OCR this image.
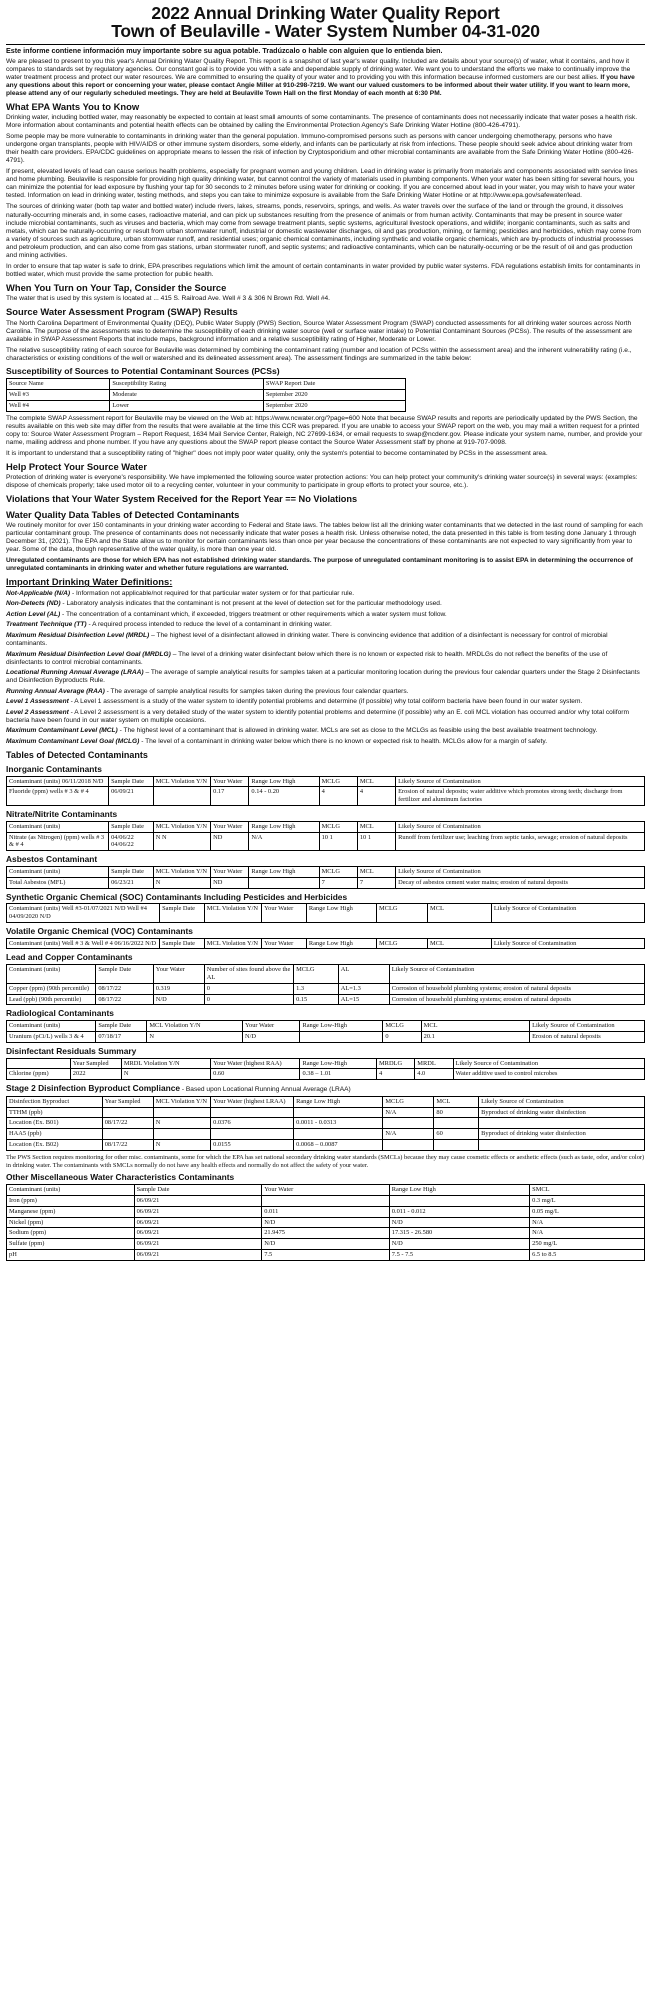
2022 Annual Drinking Water Quality Report
Town of Beulaville - Water System Number 04-31-020
Este informe contiene información muy importante sobre su agua potable. Tradúzcalo o hable con alguien que lo entienda bien.

We are pleased to present to you this year's Annual Drinking Water Quality Report. This report is a snapshot of last year's water quality. Included are details about your source(s) of water, what it contains, and how it compares to standards set by regulatory agencies. Our constant goal is to provide you with a safe and dependable supply of drinking water. We want you to understand the efforts we make to continually improve the water treatment process and protect our water resources. We are committed to ensuring the quality of your water and to providing you with this information because informed customers are our best allies. If you have any questions about this report or concerning your water, please contact Angie Miller at 910-298-7219. We want our valued customers to be informed about their water utility. If you want to learn more, please attend any of our regularly scheduled meetings. They are held at Beulaville Town Hall on the first Monday of each month at 6:30 PM.

What EPA Wants You to Know

Drinking water, including bottled water, may reasonably be expected to contain at least small amounts of some contaminants. The presence of contaminants does not necessarily indicate that water poses a health risk. More information about contaminants and potential health effects can be obtained by calling the Environmental Protection Agency's Safe Drinking Water Hotline (800-426-4791).

Some people may be more vulnerable to contaminants in drinking water than the general population. Immuno-compromised persons such as persons with cancer undergoing chemotherapy, persons who have undergone organ transplants, people with HIV/AIDS or other immune system disorders, some elderly, and infants can be particularly at risk from infections. These people should seek advice about drinking water from their health care providers. EPA/CDC guidelines on appropriate means to lessen the risk of infection by Cryptosporidium and other microbial contaminants are available from the Safe Drinking Water Hotline (800-426-4791).

If present, elevated levels of lead can cause serious health problems, especially for pregnant women and young children. Lead in drinking water is primarily from materials and components associated with service lines and home plumbing. Beulaville is responsible for providing high quality drinking water, but cannot control the variety of materials used in plumbing components. When your water has been sitting for several hours, you can minimize the potential for lead exposure by flushing your tap for 30 seconds to 2 minutes before using water for drinking or cooking. If you are concerned about lead in your water, you may wish to have your water tested. Information on lead in drinking water, testing methods, and steps you can take to minimize exposure is available from the Safe Drinking Water Hotline or at http://www.epa.gov/safewater/lead.

The sources of drinking water (both tap water and bottled water) include rivers, lakes, streams, ponds, reservoirs, springs, and wells. As water travels over the surface of the land or through the ground, it dissolves naturally-occurring minerals and, in some cases, radioactive material, and can pick up substances resulting from the presence of animals or from human activity. Contaminants that may be present in source water include microbial contaminants, such as viruses and bacteria, which may come from sewage treatment plants, septic systems, agricultural livestock operations, and wildlife; inorganic contaminants, such as salts and metals, which can be naturally-occurring or result from urban stormwater runoff, industrial or domestic wastewater discharges, oil and gas production, mining, or farming; pesticides and herbicides, which may come from a variety of sources such as agriculture, urban stormwater runoff, and residential uses; organic chemical contaminants, including synthetic and volatile organic chemicals, which are by-products of industrial processes and petroleum production, and can also come from gas stations, urban stormwater runoff, and septic systems; and radioactive contaminants, which can be naturally-occurring or be the result of oil and gas production and mining activities.

In order to ensure that tap water is safe to drink, EPA prescribes regulations which limit the amount of certain contaminants in water provided by public water systems. FDA regulations establish limits for contaminants in bottled water, which must provide the same protection for public health.

When You Turn on Your Tap, Consider the Source

The water that is used by this system is located at ... 415 S. Railroad Ave. Well # 3 & 306 N Brown Rd. Well #4.

Source Water Assessment Program (SWAP) Results

The North Carolina Department of Environmental Quality (DEQ), Public Water Supply (PWS) Section, Source Water Assessment Program (SWAP) conducted assessments for all drinking water sources across North Carolina. The purpose of the assessments was to determine the susceptibility of each drinking water source (well or surface water intake) to Potential Contaminant Sources (PCSs). The results of the assessment are available in SWAP Assessment Reports that include maps, background information and a relative susceptibility rating of Higher, Moderate or Lower.

The relative susceptibility rating of each source for Beulaville was determined by combining the contaminant rating (number and location of PCSs within the assessment area) and the inherent vulnerability rating (i.e., characteristics or existing conditions of the well or watershed and its delineated assessment area). The assessment findings are summarized in the table below:

Susceptibility of Sources to Potential Contaminant Sources (PCSs)
Source Name	Susceptibility Rating	SWAP Report Date
Well #3	Moderate	September 2020
Well #4	Lower	September 2020

The complete SWAP Assessment report for Beulaville may be viewed on the Web at: https://www.ncwater.org/?page=600 Note that because SWAP results and reports are periodically updated by the PWS Section, the results available on this web site may differ from the results that were available at the time this CCR was prepared. If you are unable to access your SWAP report on the web, you may mail a written request for a printed copy to: Source Water Assessment Program – Report Request, 1634 Mail Service Center, Raleigh, NC 27699-1634, or email requests to swap@ncdenr.gov. Please indicate your system name, number, and provide your name, mailing address and phone number. If you have any questions about the SWAP report please contact the Source Water Assessment staff by phone at 919-707-9098.

It is important to understand that a susceptibility rating of "higher" does not imply poor water quality, only the system's potential to become contaminated by PCSs in the assessment area.

Help Protect Your Source Water

Protection of drinking water is everyone's responsibility. We have implemented the following source water protection actions: You can help protect your community's drinking water source(s) in several ways: (examples: dispose of chemicals properly; take used motor oil to a recycling center, volunteer in your community to participate in group efforts to protect your source, etc.).

Violations that Your Water System Received for the Report Year == No Violations
Water Quality Data Tables of Detected Contaminants

We routinely monitor for over 150 contaminants in your drinking water according to Federal and State laws. The tables below list all the drinking water contaminants that we detected in the last round of sampling for each particular contaminant group. The presence of contaminants does not necessarily indicate that water poses a health risk. Unless otherwise noted, the data presented in this table is from testing done January 1 through December 31, (2021). The EPA and the State allow us to monitor for certain contaminants less than once per year because the concentrations of these contaminants are not expected to vary significantly from year to year. Some of the data, though representative of the water quality, is more than one year old.

Unregulated contaminants are those for which EPA has not established drinking water standards. The purpose of unregulated contaminant monitoring is to assist EPA in determining the occurrence of unregulated contaminants in drinking water and whether future regulations are warranted.

Important Drinking Water Definitions:
Not-Applicable (N/A) - Information not applicable/not required for that particular water system or for that particular rule.
Non-Detects (ND) - Laboratory analysis indicates that the contaminant is not present at the level of detection set for the particular methodology used.
Action Level (AL) - The concentration of a contaminant which, if exceeded, triggers treatment or other requirements which a water system must follow.
Treatment Technique (TT) - A required process intended to reduce the level of a contaminant in drinking water.
Maximum Residual Disinfection Level (MRDL) – The highest level of a disinfectant allowed in drinking water. There is convincing evidence that addition of a disinfectant is necessary for control of microbial contaminants.
Maximum Residual Disinfection Level Goal (MRDLG) – The level of a drinking water disinfectant below which there is no known or expected risk to health. MRDLGs do not reflect the benefits of the use of disinfectants to control microbial contaminants.
Locational Running Annual Average (LRAA) – The average of sample analytical results for samples taken at a particular monitoring location during the previous four calendar quarters under the Stage 2 Disinfectants and Disinfection Byproducts Rule.
Running Annual Average (RAA) - The average of sample analytical results for samples taken during the previous four calendar quarters.
Level 1 Assessment - A Level 1 assessment is a study of the water system to identify potential problems and determine (if possible) why total coliform bacteria have been found in our water system.
Level 2 Assessment - A Level 2 assessment is a very detailed study of the water system to identify potential problems and determine (if possible) why an E. coli MCL violation has occurred and/or why total coliform bacteria have been found in our water system on multiple occasions.
Maximum Contaminant Level (MCL) - The highest level of a contaminant that is allowed in drinking water. MCLs are set as close to the MCLGs as feasible using the best available treatment technology.
Maximum Contaminant Level Goal (MCLG) - The level of a contaminant in drinking water below which there is no known or expected risk to health. MCLGs allow for a margin of safety.
Tables of Detected Contaminants
Inorganic Contaminants
Contaminant (units) 06/11/2018 N/D	Sample Date	MCL Violation Y/N	Your Water	Range Low High	MCLG	MCL	Likely Source of Contamination
Fluoride (ppm) wells # 3 & # 4	06/09/21		0.17	0.14 - 0.20	4	4	Erosion of natural deposits; water additive which promotes strong teeth; discharge from fertilizer and aluminum factories
Nitrate/Nitrite Contaminants
Contaminant (units)	Sample Date	MCL Violation Y/N	Your Water	Range Low High	MCLG	MCL	Likely Source of Contamination
Nitrate (as Nitrogen) (ppm) wells # 3 & # 4	04/06/22 04/06/22	N N	ND	N/A	10 1	10 1	Runoff from fertilizer use; leaching from septic tanks, sewage; erosion of natural deposits
Asbestos Contaminant
Contaminant (units)	Sample Date	MCL Violation Y/N	Your Water	Range Low High	MCLG	MCL	Likely Source of Contamination
Total Asbestos (MFL)	06/23/21	N	ND		7	7	Decay of asbestos cement water mains; erosion of natural deposits
Synthetic Organic Chemical (SOC) Contaminants Including Pesticides and Herbicides
Contaminant (units) Well #3-01/07/2021 N/D Well #4 04/09/2020 N/D	Sample Date	MCL Violation Y/N	Your Water	Range Low High	MCLG	MCL	Likely Source of Contamination
Volatile Organic Chemical (VOC) Contaminants
Contaminant (units) Well # 3 & Well # 4 06/16/2022 N/D	Sample Date	MCL Violation Y/N	Your Water	Range Low High	MCLG	MCL	Likely Source of Contamination
Lead and Copper Contaminants
Contaminant (units)	Sample Date	Your Water	Number of sites found above the AL	MCLG	AL	Likely Source of Contamination
Copper (ppm) (90th percentile)	08/17/22	0.319	0	1.3	AL=1.3	Corrosion of household plumbing systems; erosion of natural deposits
Lead (ppb) (90th percentile)	08/17/22	N/D	0	0.15	AL=15	Corrosion of household plumbing systems; erosion of natural deposits
Radiological Contaminants
Contaminant (units)	Sample Date	MCL Violation Y/N	Your Water	Range Low-High	MCLG	MCL	Likely Source of Contamination
Uranium (pCi/L) wells 3 & 4	07/18/17	N	N/D		0	20.1	Erosion of natural deposits
Disinfectant Residuals Summary
	Year Sampled	MRDL Violation Y/N	Your Water (highest RAA)	Range Low-High	MRDLG	MRDL	Likely Source of Contamination
Chlorine (ppm)	2022	N	0.60	0.38 – 1.01	4	4.0	Water additive used to control microbes
Stage 2 Disinfection Byproduct Compliance - Based upon Locational Running Annual Average (LRAA)
Disinfection Byproduct	Year Sampled	MCL Violation Y/N	Your Water (highest LRAA)	Range Low High	MCLG	MCL	Likely Source of Contamination
TTHM (ppb)					N/A	80	Byproduct of drinking water disinfection
Location (Ex. B01)	08/17/22	N	0.0376	0.0011 - 0.0313			
HAA5 (ppb)					N/A	60	Byproduct of drinking water disinfection
Location (Ex. B02)	08/17/22	N	0.0155	0.0068 – 0.0087			
The PWS Section requires monitoring for other misc. contaminants, some for which the EPA has set national secondary drinking water standards (SMCLs) because they may cause cosmetic effects or aesthetic effects (such as taste, odor, and/or color) in drinking water. The contaminants with SMCLs normally do not have any health effects and normally do not affect the safety of your water.
Other Miscellaneous Water Characteristics Contaminants
Contaminant (units)	Sample Date	Your Water	Range Low High	SMCL
Iron (ppm)	06/09/21			0.3 mg/L
Manganese (ppm)	06/09/21	0.011	0.011 - 0.012	0.05 mg/L
Nickel (ppm)	06/09/21	N/D	N/D	N/A
Sodium (ppm)	06/09/21	21.9475	17.315 - 26.580	N/A
Sulfate (ppm)	06/09/21	N/D	N/D	250 mg/L
pH	06/09/21	7.5	7.5 - 7.5	6.5 to 8.5
